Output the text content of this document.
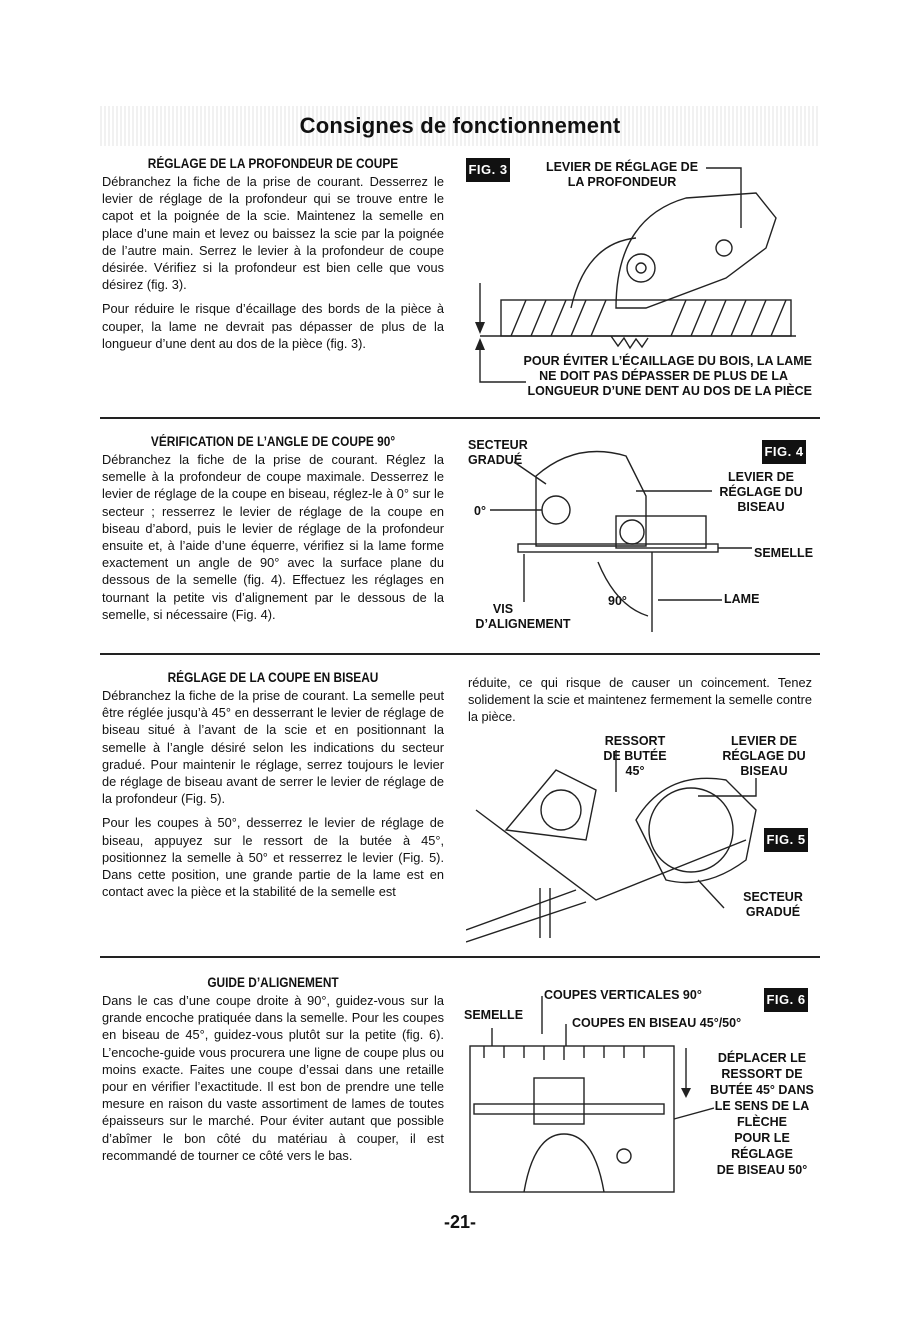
Consignes de fonctionnement
RÉGLAGE DE LA PROFONDEUR DE COUPE

Débranchez la fiche de la prise de courant. Desserrez le levier de réglage de la profondeur qui se trouve entre le capot et la poignée de la scie. Maintenez la semelle en place d’une main et levez ou baissez la scie par la poignée de l’autre main. Serrez le levier à la profondeur de coupe désirée. Vérifiez si la profondeur est bien celle que vous désirez (fig. 3).

Pour réduire le risque d’écaillage des bords de la pièce à couper, la lame ne devrait pas dépasser de plus de la longueur d’une dent au dos de la pièce (fig. 3).

FIG. 3	LEVIER DE RÉGLAGE DE
LA PROFONDEUR
POUR ÉVITER L’ÉCAILLAGE DU BOIS, LA LAME
NE DOIT PAS DÉPASSER DE PLUS DE LA
LONGUEUR D’UNE DENT AU DOS DE LA PIÈCE
VÉRIFICATION DE L’ANGLE DE COUPE 90°

Débranchez la fiche de la prise de courant. Réglez la semelle à la profondeur de coupe maximale. Desserrez le levier de réglage de la coupe en biseau, réglez-le à 0° sur le secteur ; resserrez le levier de réglage de la coupe en biseau d’abord, puis le levier de réglage de la profondeur ensuite et, à l’aide d’une équerre, vérifiez si la lame forme exactement un angle de 90° avec la surface plane du dessous de la semelle (fig. 4). Effectuez les réglages en tournant la petite vis d’alignement par le dessous de la semelle, si nécessaire (Fig. 4).

FIG. 4
SECTEUR
GRADUÉ
0°
LEVIER DE
RÉGLAGE DU
BISEAU
SEMELLE
90°	LAME
VIS
D’ALIGNEMENT
RÉGLAGE DE LA COUPE EN BISEAU

Débranchez la fiche de la prise de courant. La semelle peut être réglée jusqu’à 45° en desserrant le levier de réglage de biseau situé à l’avant de la scie et en positionnant la semelle à l’angle désiré selon les indications du secteur gradué. Pour maintenir le réglage, serrez toujours le levier de réglage de biseau avant de serrer le levier de réglage de la profondeur (Fig. 5).

Pour les coupes à 50°, desserrez le levier de réglage de biseau, appuyez sur le ressort de la butée à 45°, positionnez la semelle à 50° et resserrez le levier (Fig. 5). Dans cette position, une grande partie de la lame est en contact avec la pièce et la stabilité de la semelle est

réduite, ce qui risque de causer un coincement. Tenez solidement la scie et maintenez fermement la semelle contre la pièce.

RESSORT
DE BUTÉE
45°
LEVIER DE
RÉGLAGE DU
BISEAU
FIG. 5
SECTEUR
GRADUÉ
GUIDE D’ALIGNEMENT

Dans le cas d’une coupe droite à 90°, guidez-vous sur la grande encoche pratiquée dans la semelle. Pour les coupes en biseau de 45°, guidez-vous plutôt sur la petite (fig. 6). L’encoche-guide vous procurera une ligne de coupe plus ou moins exacte. Faites une coupe d’essai dans une retaille pour en vérifier l’exactitude. Il est bon de prendre une telle mesure en raison du vaste assortiment de lames de toutes épaisseurs sur le marché. Pour éviter autant que possible d’abîmer le bon côté du matériau à couper, il est recommandé de tourner ce côté vers le bas.

FIG. 6
COUPES VERTICALES 90°
SEMELLE
COUPES EN BISEAU 45°/50°
DÉPLACER LE
RESSORT DE
BUTÉE 45° DANS
LE SENS DE LA
FLÈCHE
POUR LE
RÉGLAGE
DE BISEAU 50°
-21-
